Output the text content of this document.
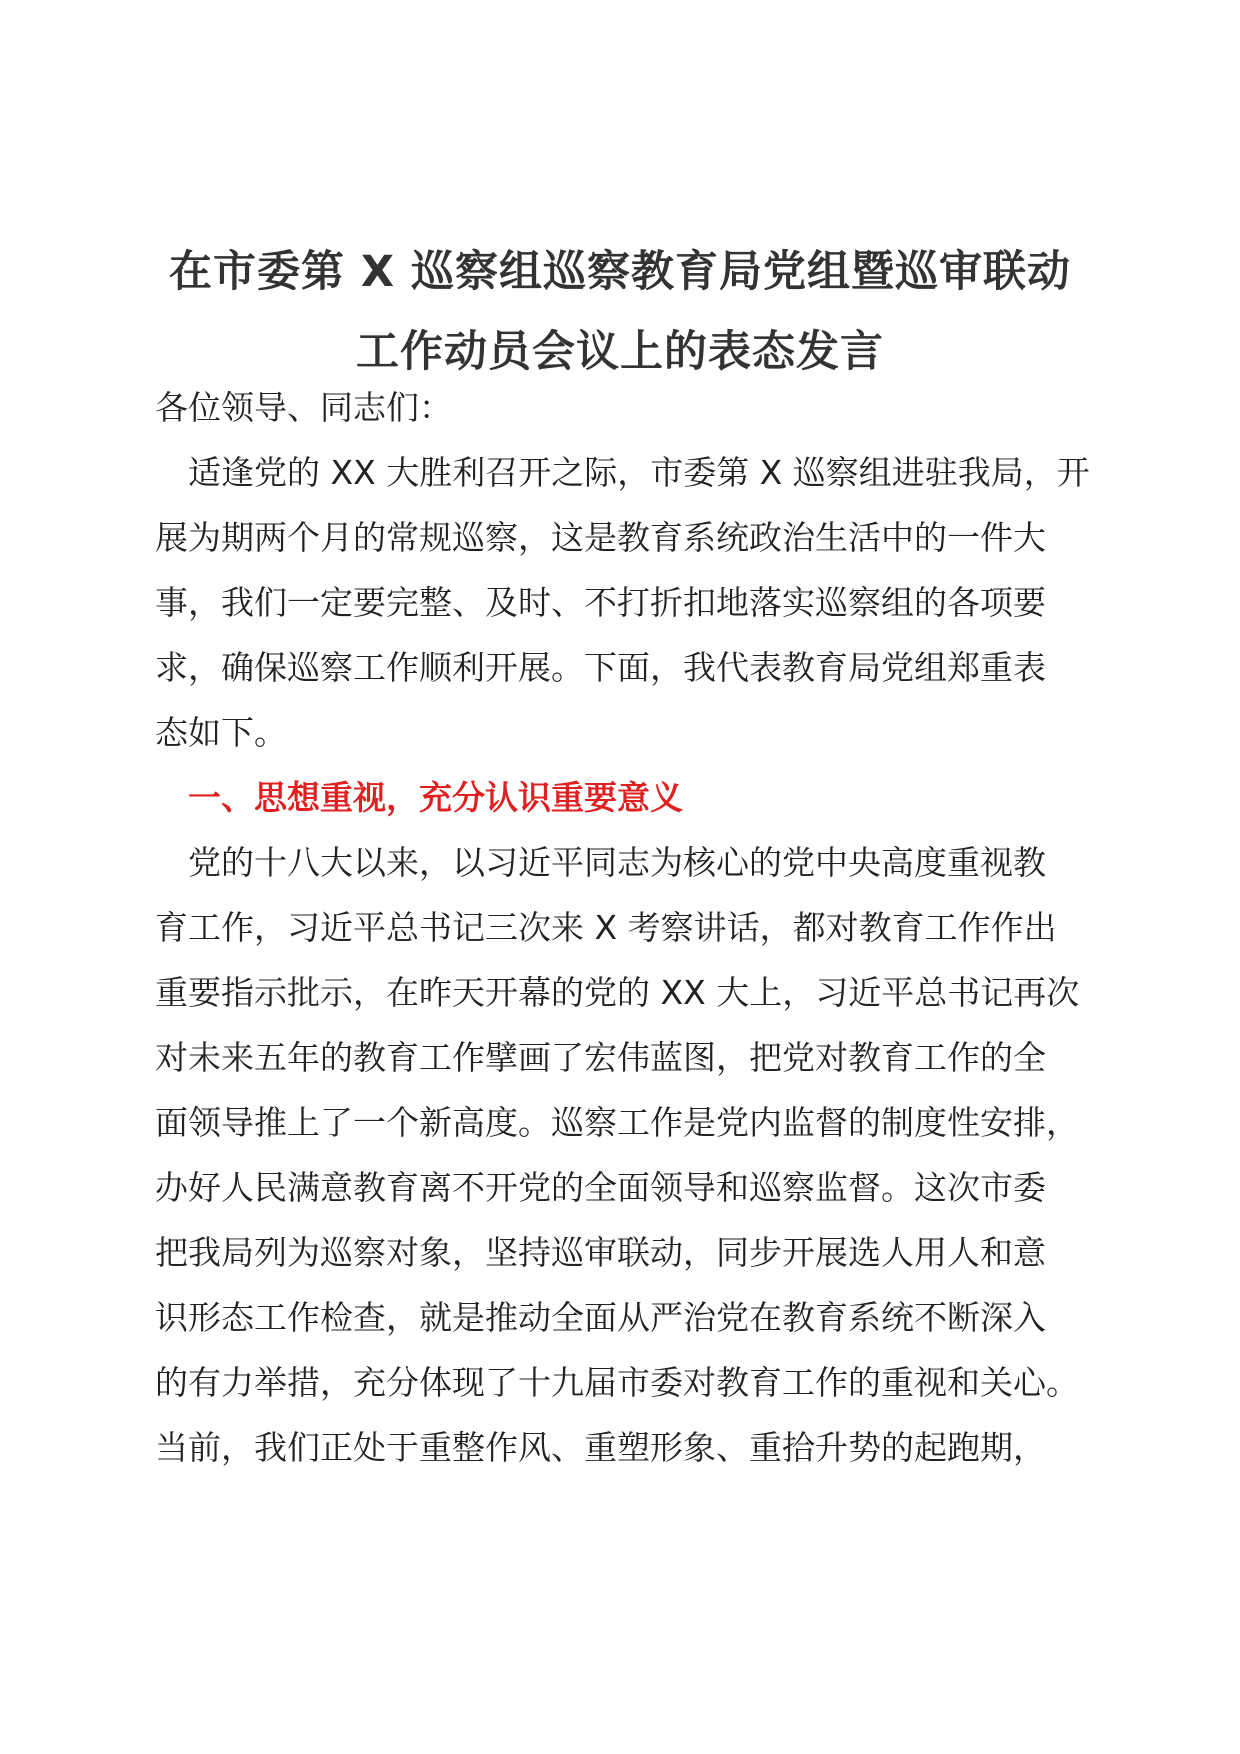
在市委第 X 巡察组巡察教育局党组暨巡审联动
工作动员会议上的表态发言
各位领导、同志们：
适逢党的 XX 大胜利召开之际，市委第 X 巡察组进驻我局，开
展为期两个月的常规巡察，这是教育系统政治生活中的一件大
事，我们一定要完整、及时、不打折扣地落实巡察组的各项要
求，确保巡察工作顺利开展。下面，我代表教育局党组郑重表
态如下。
一、思想重视，充分认识重要意义
党的十八大以来，以习近平同志为核心的党中央高度重视教
育工作，习近平总书记三次来 X 考察讲话，都对教育工作作出
重要指示批示，在昨天开幕的党的 XX 大上，习近平总书记再次
对未来五年的教育工作擘画了宏伟蓝图，把党对教育工作的全
面领导推上了一个新高度。巡察工作是党内监督的制度性安排，
办好人民满意教育离不开党的全面领导和巡察监督。这次市委
把我局列为巡察对象，坚持巡审联动，同步开展选人用人和意
识形态工作检查，就是推动全面从严治党在教育系统不断深入
的有力举措，充分体现了十九届市委对教育工作的重视和关心。
当前，我们正处于重整作风、重塑形象、重拾升势的起跑期，
